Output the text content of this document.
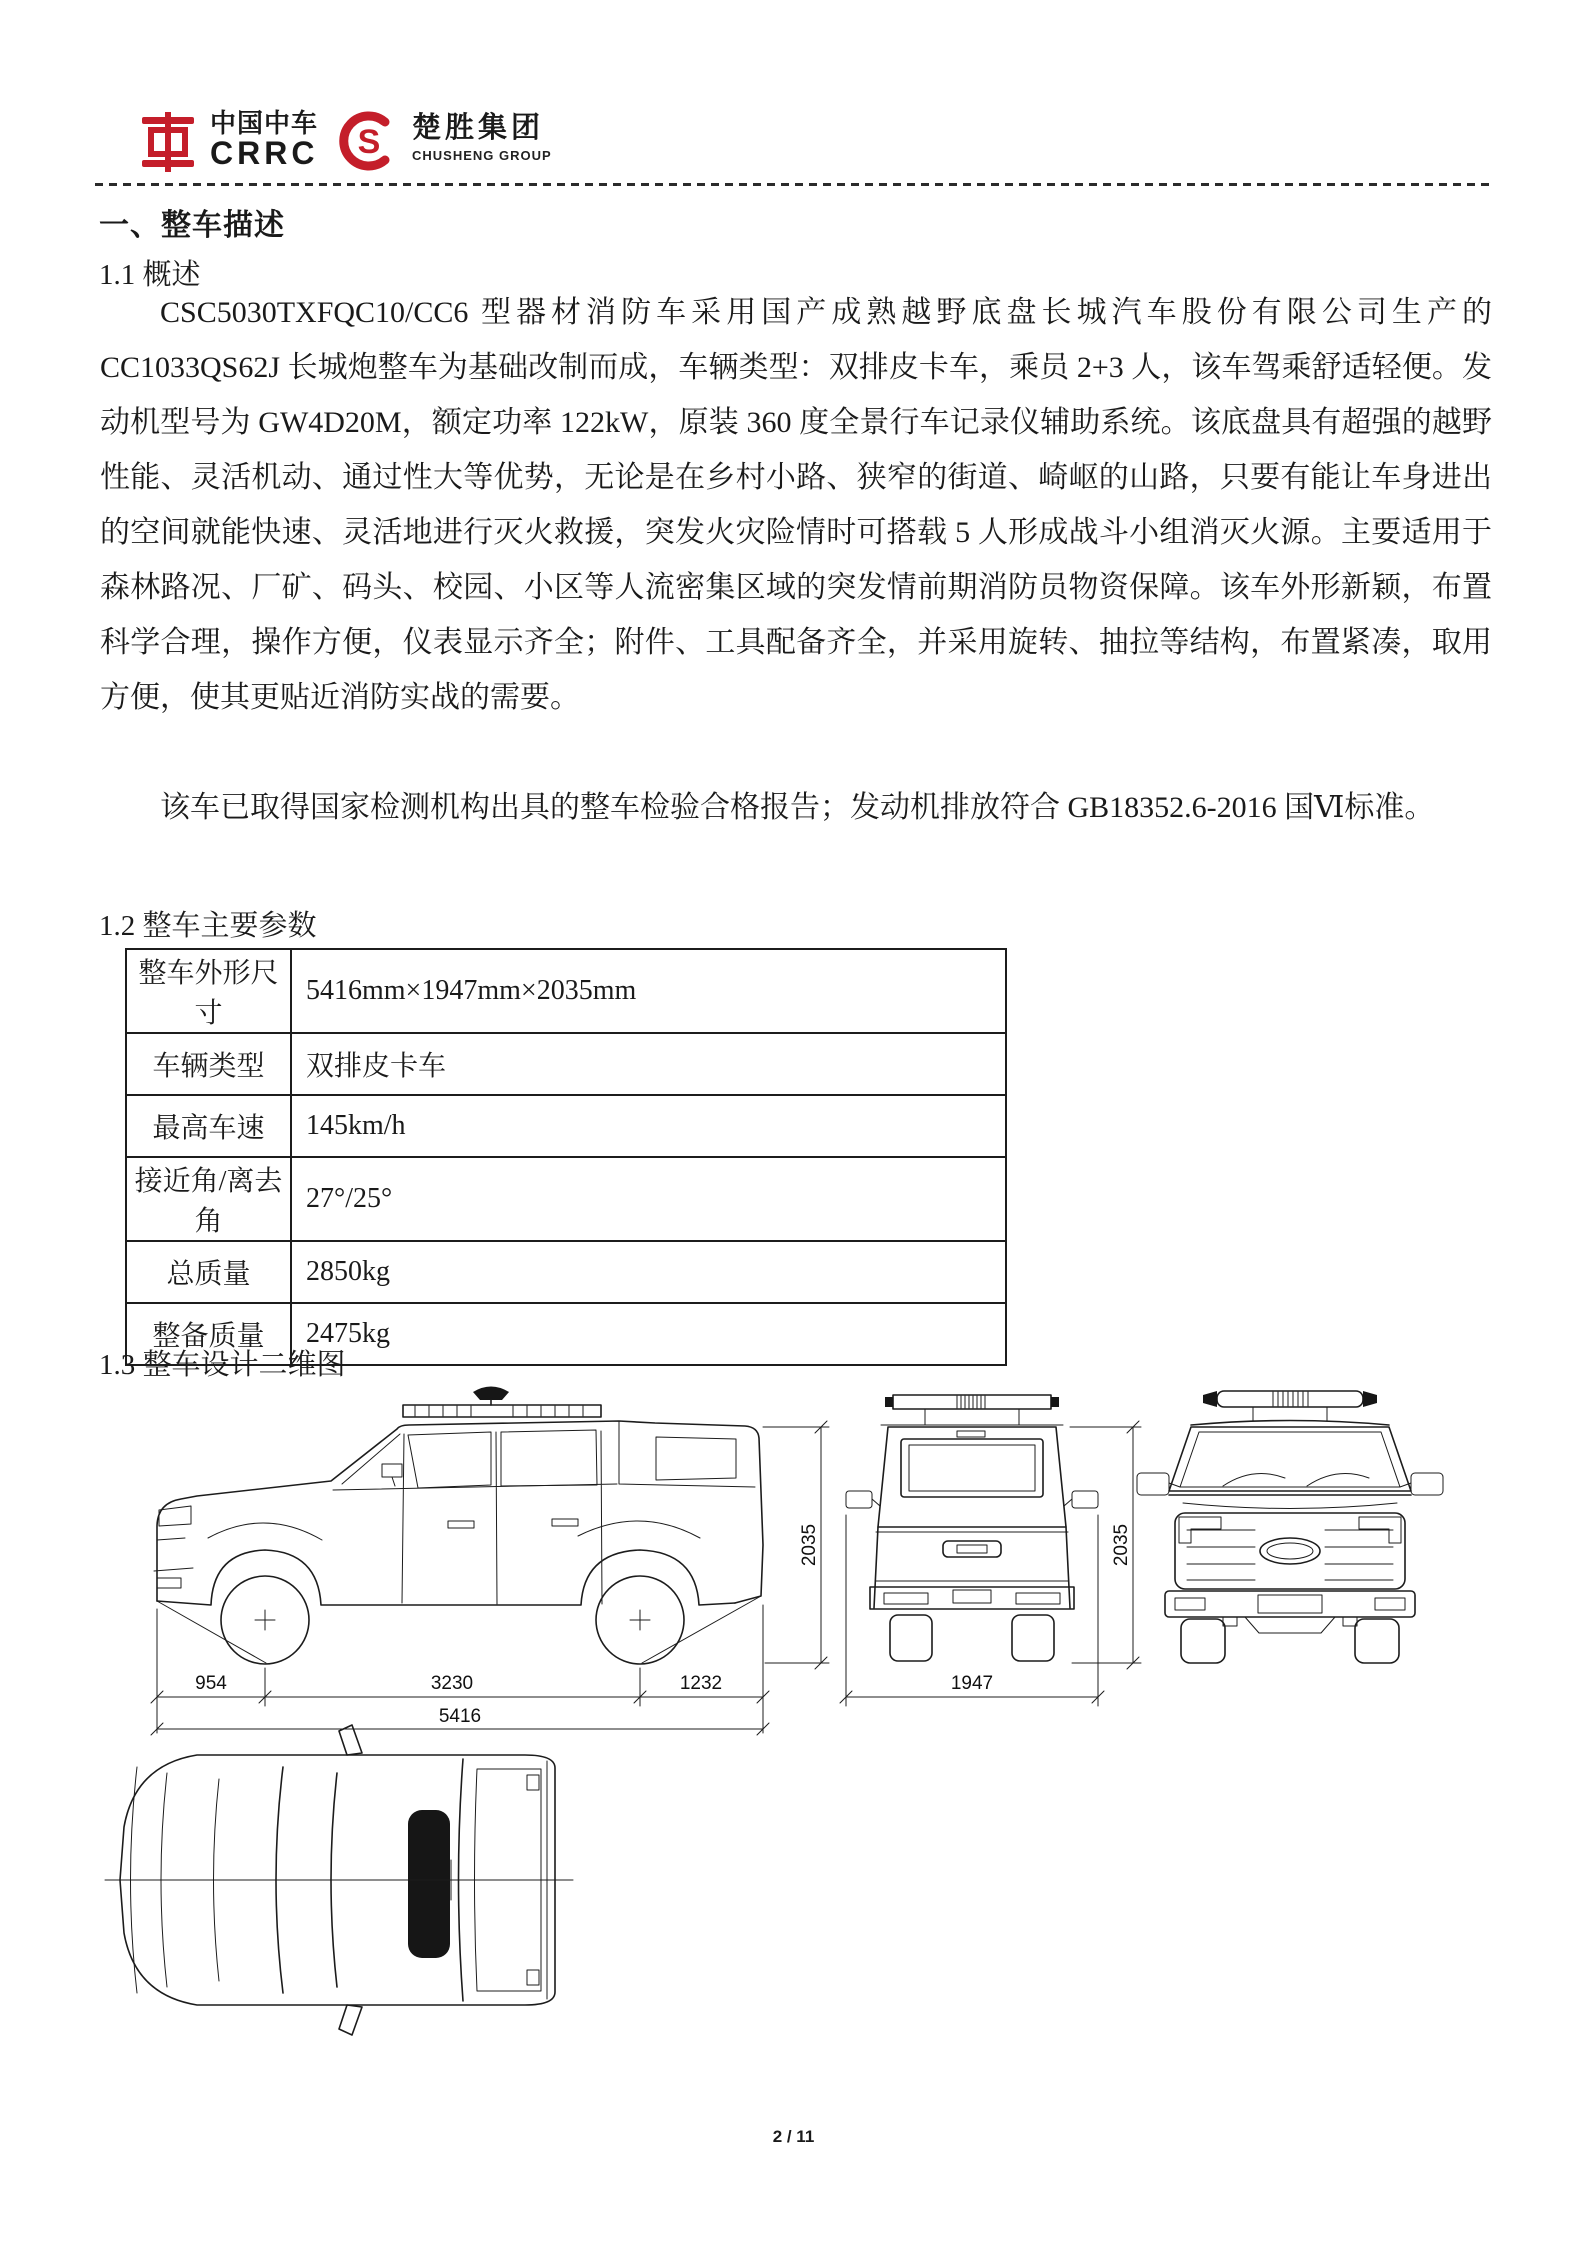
中国中车
CRRC S 楚胜集团
CHUSHENG GROUP
一、整车描述
1.1 概述

CSC5030TXFQC10/CC6 型器材消防车采用国产成熟越野底盘长城汽车股份有限公司生产的 CC1033QS62J 长城炮整车为基础改制而成，车辆类型：双排皮卡车，乘员 2+3 人，该车驾乘舒适轻便。发动机型号为 GW4D20M，额定功率 122kW，原装 360 度全景行车记录仪辅助系统。该底盘具有超强的越野性能、灵活机动、通过性大等优势，无论是在乡村小路、狭窄的街道、崎岖的山路，只要有能让车身进出的空间就能快速、灵活地进行灭火救援，突发火灾险情时可搭载 5 人形成战斗小组消灭火源。主要适用于森林路况、厂矿、码头、校园、小区等人流密集区域的突发情前期消防员物资保障。该车外形新颖，布置科学合理，操作方便，仪表显示齐全；附件、工具配备齐全，并采用旋转、抽拉等结构，布置紧凑，取用方便，使其更贴近消防实战的需要。

该车已取得国家检测机构出具的整车检验合格报告；发动机排放符合 GB18352.6-2016 国Ⅵ标准。

1.2 整车主要参数
整车外形尺寸	5416mm×1947mm×2035mm
车辆类型	双排皮卡车
最高车速	145km/h
接近角/离去角	27°/25°
总质量	2850kg
整备质量	2475kg
1.3 整车设计二维图
954	3230	1232
5416
2035	2035
1947
2 / 11
